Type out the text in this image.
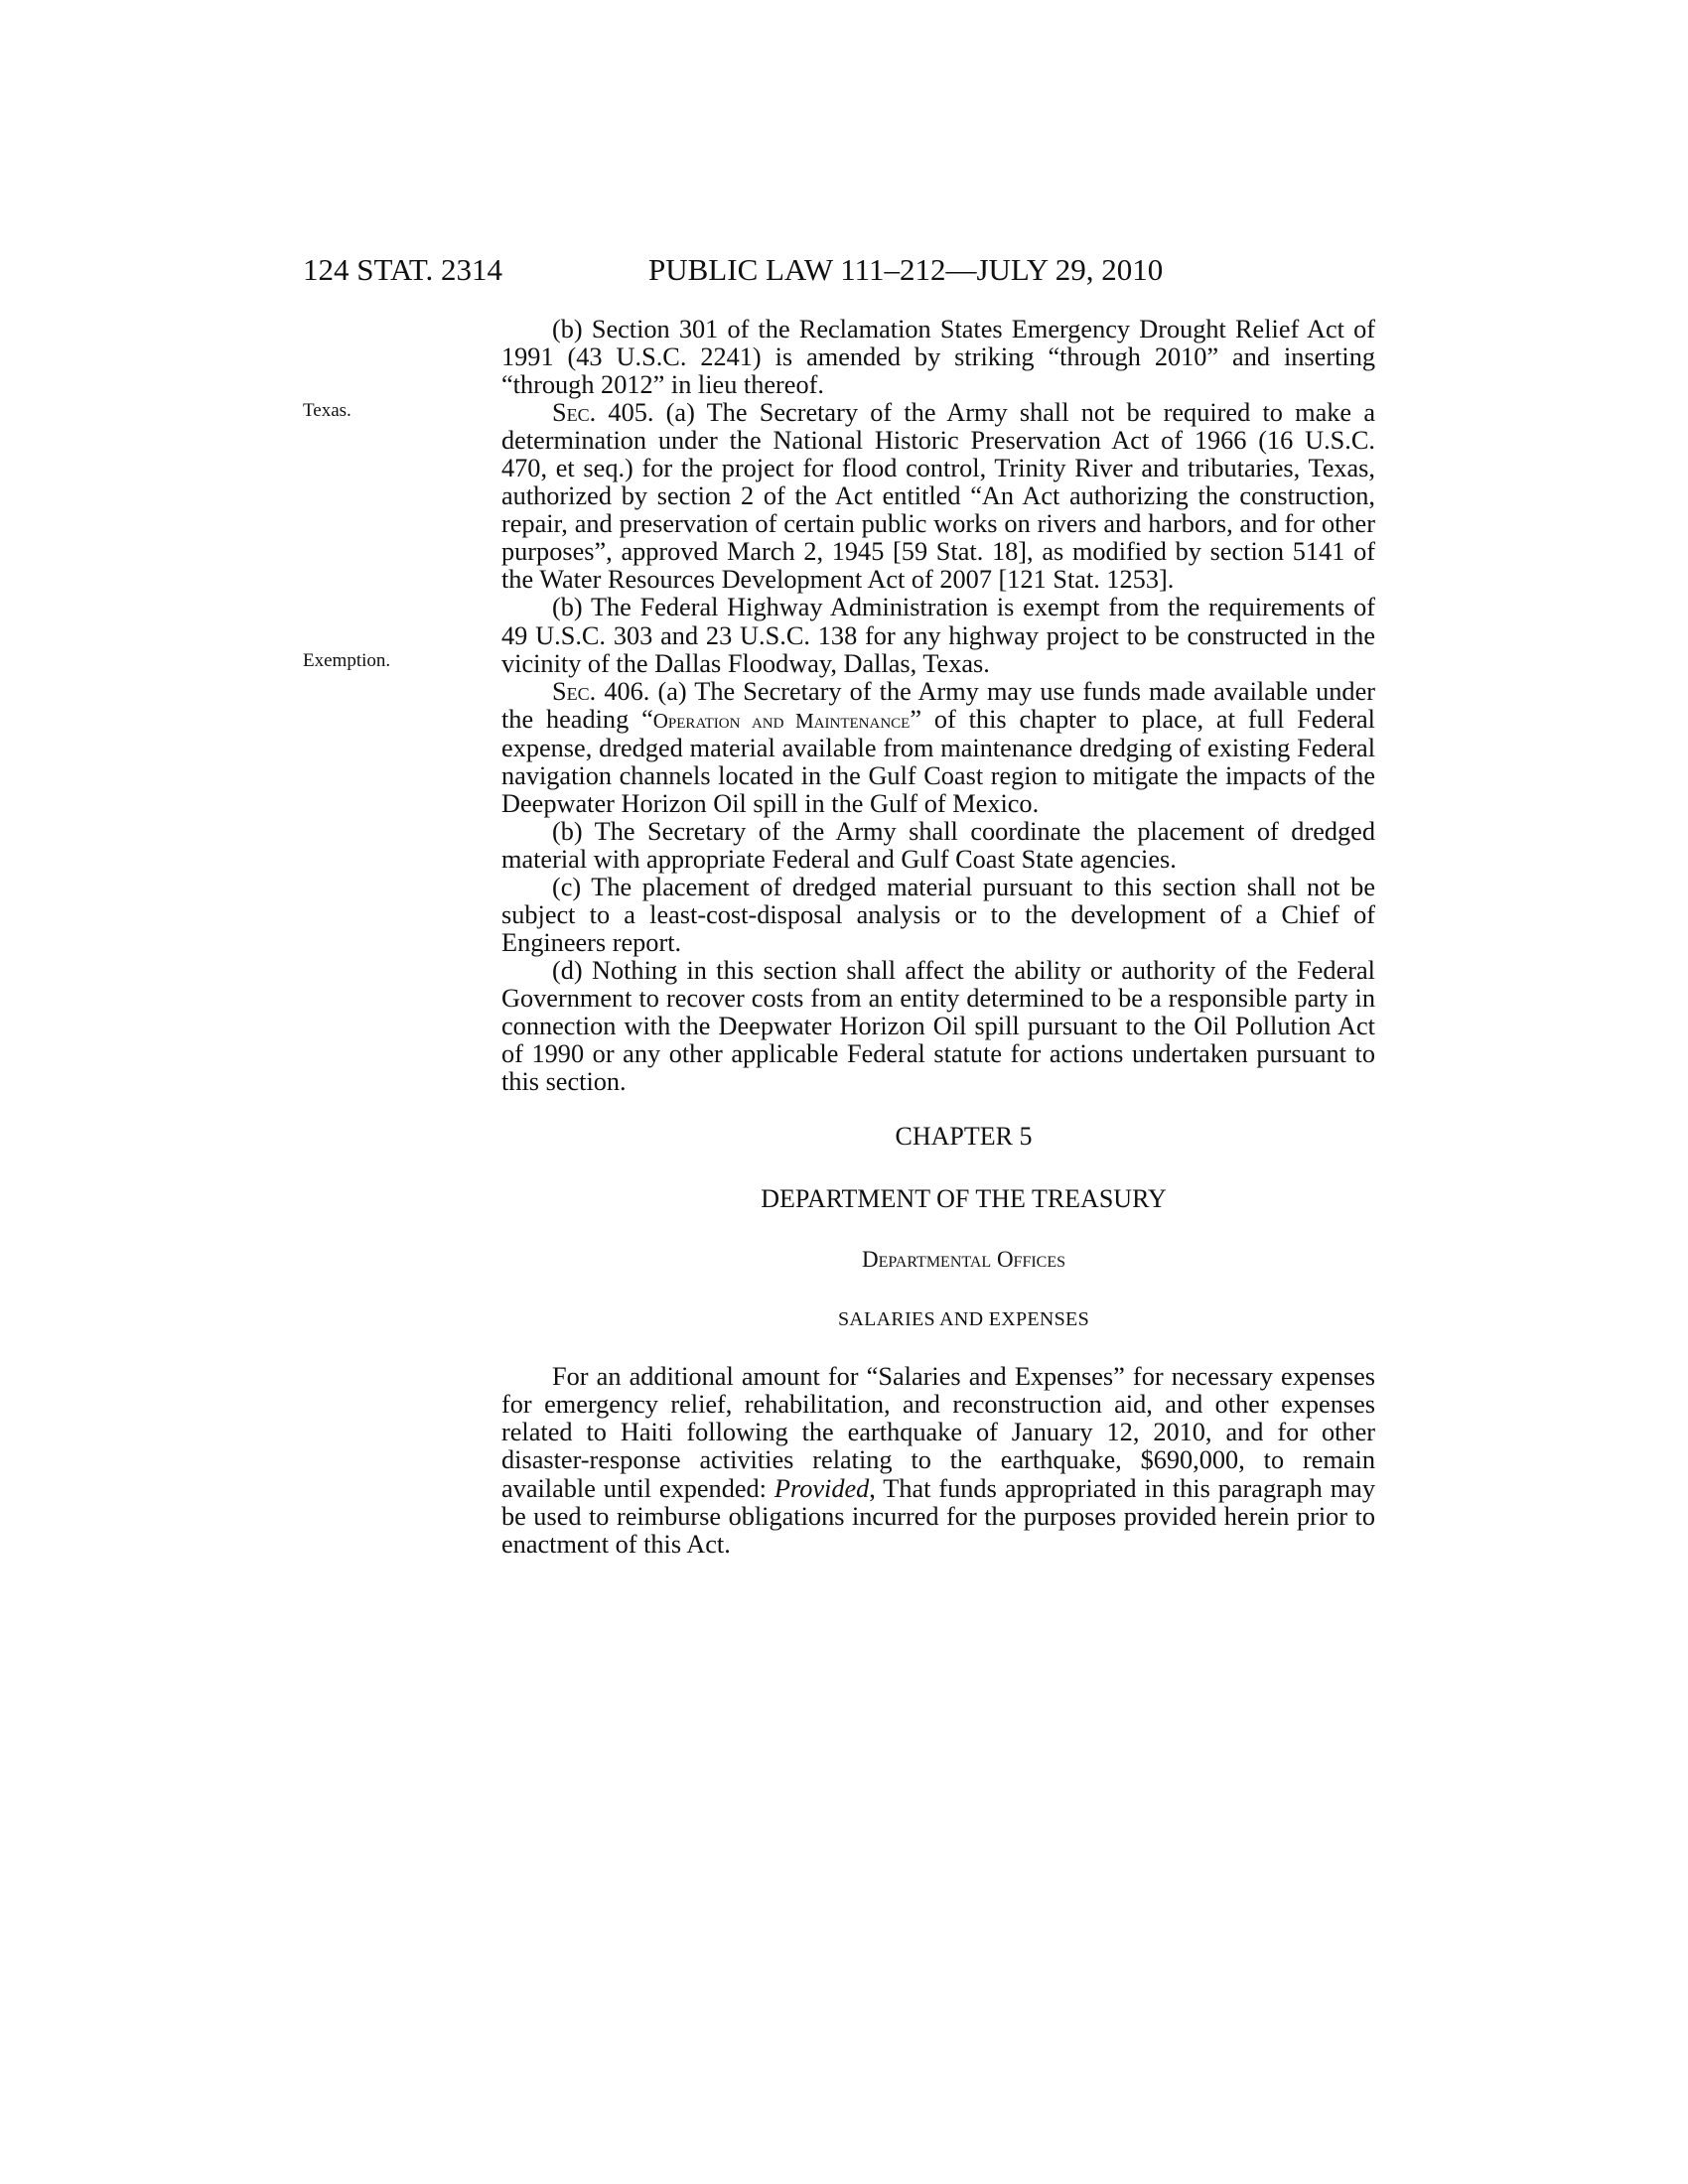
124 STAT. 2314	PUBLIC LAW 111–212—JULY 29, 2010
Texas.
Exemption.

(b) Section 301 of the Reclamation States Emergency Drought Relief Act of 1991 (43 U.S.C. 2241) is amended by striking “through 2010” and inserting “through 2012” in lieu thereof.

Sec. 405. (a) The Secretary of the Army shall not be required to make a determination under the National Historic Preservation Act of 1966 (16 U.S.C. 470, et seq.) for the project for flood control, Trinity River and tributaries, Texas, authorized by section 2 of the Act entitled “An Act authorizing the construction, repair, and preservation of certain public works on rivers and harbors, and for other purposes”, approved March 2, 1945 [59 Stat. 18], as modified by section 5141 of the Water Resources Development Act of 2007 [121 Stat. 1253].

(b) The Federal Highway Administration is exempt from the requirements of 49 U.S.C. 303 and 23 U.S.C. 138 for any highway project to be constructed in the vicinity of the Dallas Floodway, Dallas, Texas.

Sec. 406. (a) The Secretary of the Army may use funds made available under the heading “Operation and Maintenance” of this chapter to place, at full Federal expense, dredged material available from maintenance dredging of existing Federal navigation channels located in the Gulf Coast region to mitigate the impacts of the Deepwater Horizon Oil spill in the Gulf of Mexico.

(b) The Secretary of the Army shall coordinate the placement of dredged material with appropriate Federal and Gulf Coast State agencies.

(c) The placement of dredged material pursuant to this section shall not be subject to a least-cost-disposal analysis or to the development of a Chief of Engineers report.

(d) Nothing in this section shall affect the ability or authority of the Federal Government to recover costs from an entity determined to be a responsible party in connection with the Deepwater Horizon Oil spill pursuant to the Oil Pollution Act of 1990 or any other applicable Federal statute for actions undertaken pursuant to this section.

CHAPTER 5

DEPARTMENT OF THE TREASURY

Departmental Offices

SALARIES AND EXPENSES

For an additional amount for “Salaries and Expenses” for necessary expenses for emergency relief, rehabilitation, and reconstruction aid, and other expenses related to Haiti following the earthquake of January 12, 2010, and for other disaster-response activities relating to the earthquake, $690,000, to remain available until expended: Provided, That funds appropriated in this paragraph may be used to reimburse obligations incurred for the purposes provided herein prior to enactment of this Act.
